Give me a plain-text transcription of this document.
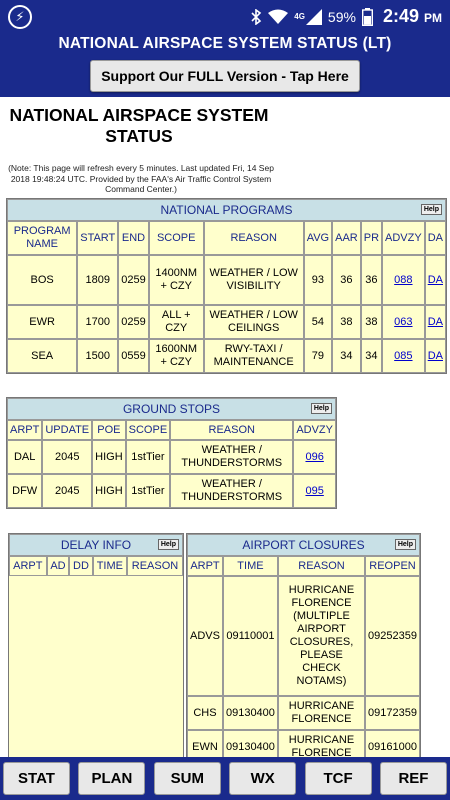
⚡	4G 59% 2:49 PM
NATIONAL AIRSPACE SYSTEM STATUS (LT)
Support Our FULL Version - Tap Here
NATIONAL AIRSPACE SYSTEM STATUS
(Note: This page will refresh every 5 minutes. Last updated Fri, 14 Sep 2018 19:48:24 UTC. Provided by the FAA's Air Traffic Control System Command Center.)
NATIONAL PROGRAMS Help									

PROGRAM NAME	START	END	SCOPE	REASON	AVG	AAR	PR	ADVZY	DA
BOS	1809	0259	1400NM + CZY	WEATHER / LOW VISIBILITY	93	36	36	088	DA
EWR	1700	0259	ALL + CZY	WEATHER / LOW CEILINGS	54	38	38	063	DA
SEA	1500	0559	1600NM + CZY	RWY-TAXI / MAINTENANCE	79	34	34	085	DA
GROUND STOPS Help					

ARPT	UPDATE	POE	SCOPE	REASON	ADVZY
DAL	2045	HIGH	1stTier	WEATHER / THUNDERSTORMS	096
DFW	2045	HIGH	1stTier	WEATHER / THUNDERSTORMS	095
DELAY INFO	Help

ARPT	AD	DD	TIME	REASON

AIRPORT CLOSURES Help			

ARPT	TIME	REASON	REOPEN
ADVS	09110001	HURRICANE FLORENCE (MULTIPLE AIRPORT CLOSURES, PLEASE CHECK NOTAMS)	09252359
CHS	09130400	HURRICANE FLORENCE	09172359
EWN	09130400	HURRICANE FLORENCE	09161000
STAT	PLAN	SUM	WX	TCF	REF
